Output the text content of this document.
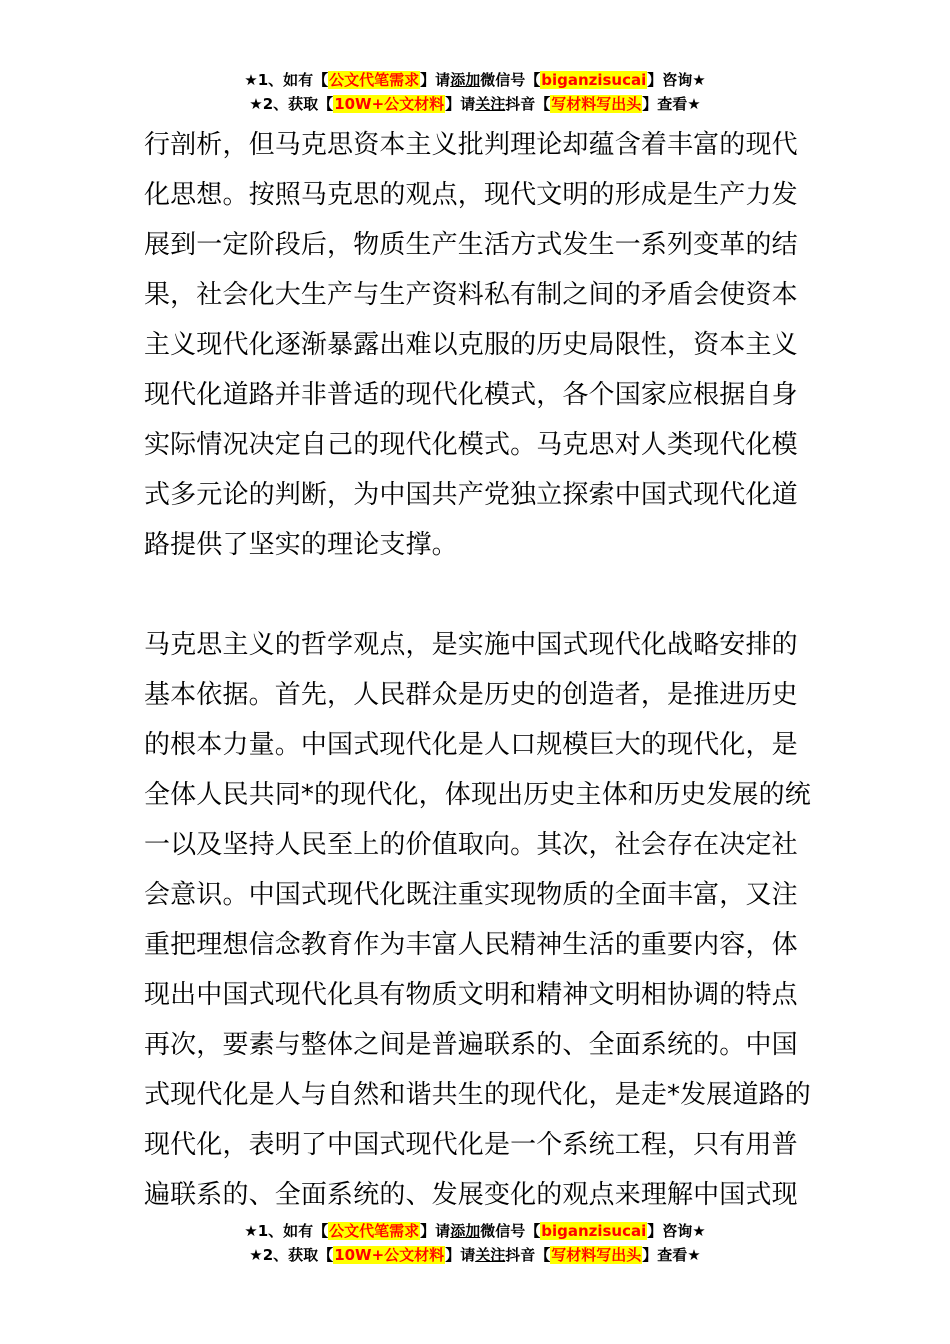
★1、如有【公文代笔需求】请添加微信号【biganzisucai】咨询★
★2、获取【10W+公文材料】请关注抖音【写材料写出头】查看★
行剖析，但马克思资本主义批判理论却蕴含着丰富的现代
化思想。按照马克思的观点，现代文明的形成是生产力发
展到一定阶段后，物质生产生活方式发生一系列变革的结
果，社会化大生产与生产资料私有制之间的矛盾会使资本
主义现代化逐渐暴露出难以克服的历史局限性，资本主义
现代化道路并非普适的现代化模式，各个国家应根据自身
实际情况决定自己的现代化模式。马克思对人类现代化模
式多元论的判断，为中国共产党独立探索中国式现代化道
路提供了坚实的理论支撑。
马克思主义的哲学观点，是实施中国式现代化战略安排的
基本依据。首先，人民群众是历史的创造者，是推进历史
的根本力量。中国式现代化是人口规模巨大的现代化，是
全体人民共同*的现代化，体现出历史主体和历史发展的统
一以及坚持人民至上的价值取向。其次，社会存在决定社
会意识。中国式现代化既注重实现物质的全面丰富，又注
重把理想信念教育作为丰富人民精神生活的重要内容，体
现出中国式现代化具有物质文明和精神文明相协调的特点
再次，要素与整体之间是普遍联系的、全面系统的。中国
式现代化是人与自然和谐共生的现代化，是走*发展道路的
现代化，表明了中国式现代化是一个系统工程，只有用普
遍联系的、全面系统的、发展变化的观点来理解中国式现
★1、如有【公文代笔需求】请添加微信号【biganzisucai】咨询★
★2、获取【10W+公文材料】请关注抖音【写材料写出头】查看★
